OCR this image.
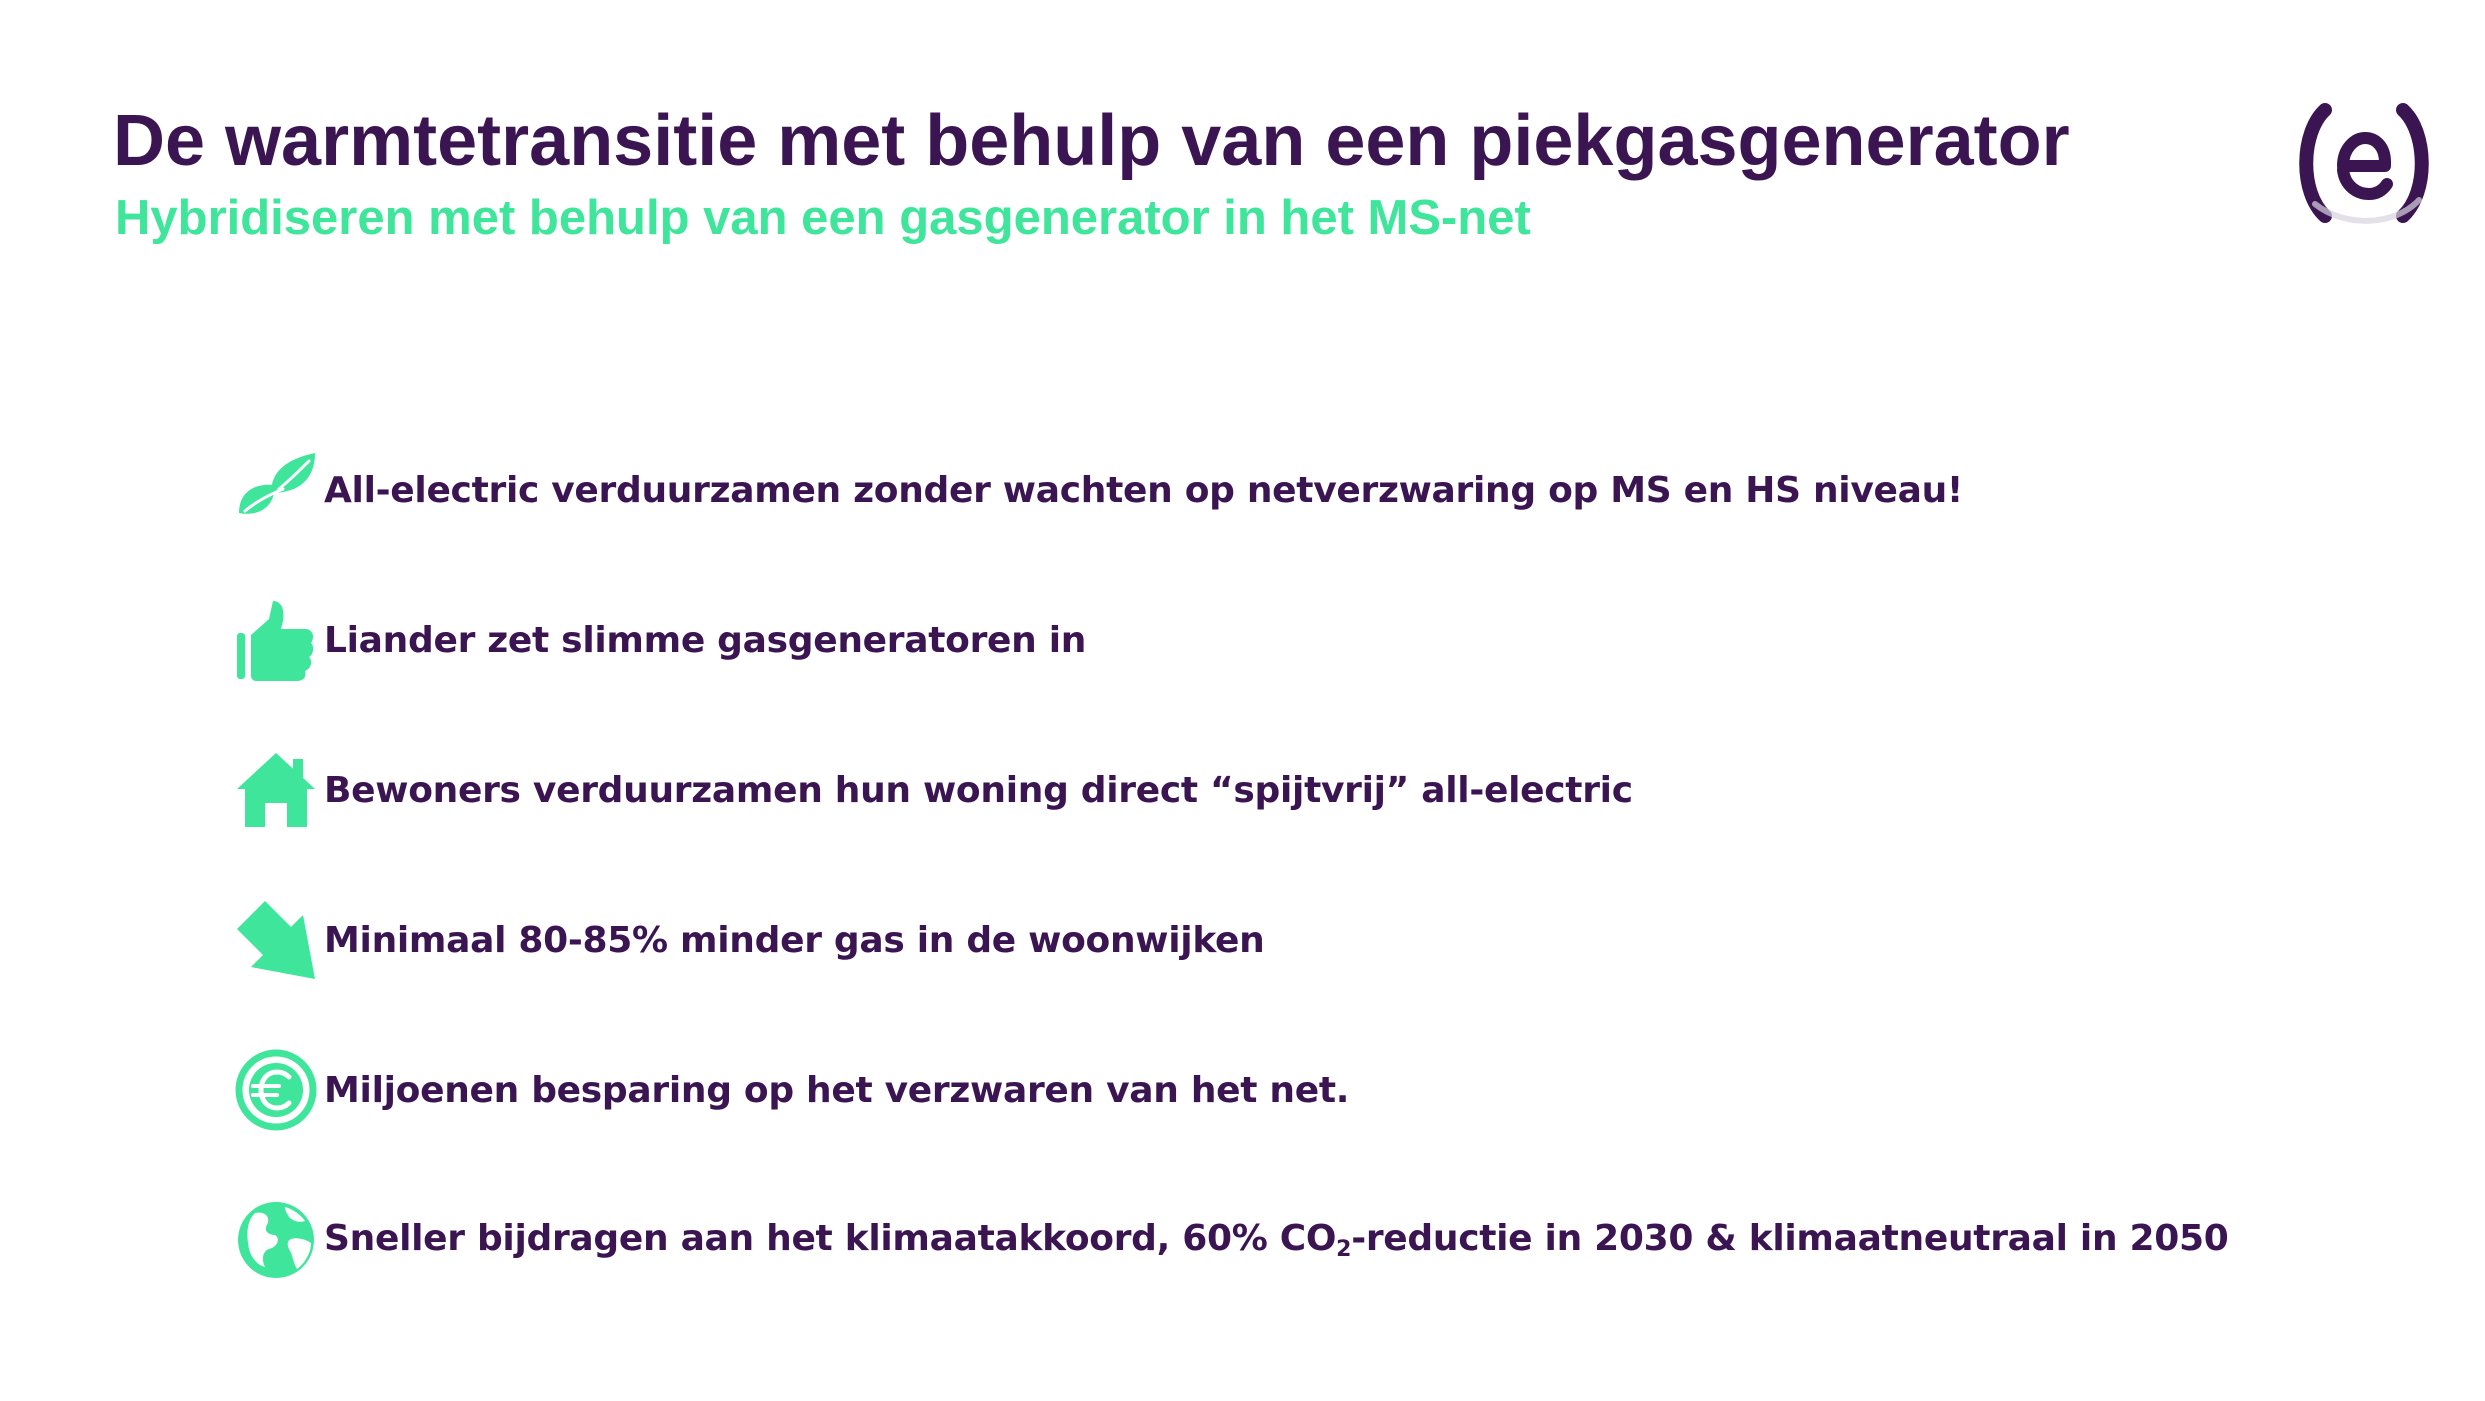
De warmtetransitie met behulp van een piekgasgenerator
Hybridiseren met behulp van een gasgenerator in het MS-net
All-electric verduurzamen zonder wachten op netverzwaring op MS en HS niveau!
Liander zet slimme gasgeneratoren in
Bewoners verduurzamen hun woning direct “spijtvrij” all-electric
Minimaal 80-85% minder gas in de woonwijken
Miljoenen besparing op het verzwaren van het net.
Sneller bijdragen aan het klimaatakkoord, 60% $CO_2$-reductie in 2030 & klimaatneutraal in 2050
